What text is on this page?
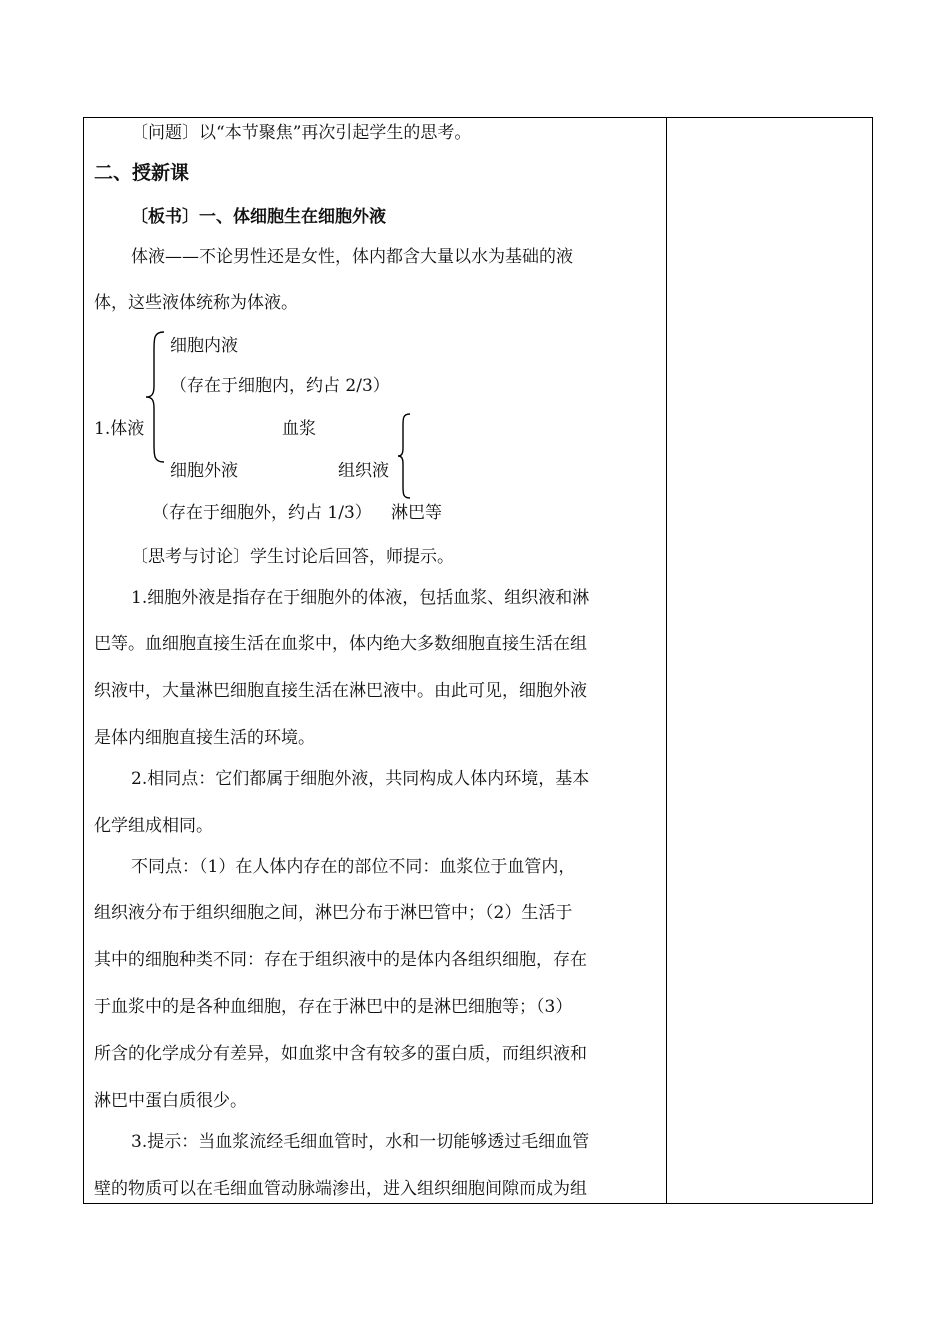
〔问题〕以“本节聚焦”再次引起学生的思考。
二、授新课
〔板书〕一、体细胞生在细胞外液
体液——不论男性还是女性，体内都含大量以水为基础的液
体，这些液体统称为体液。
1.体液
细胞内液
（存在于细胞内，约占 2/3）
血浆
细胞外液	组织液
（存在于细胞外，约占 1/3） 淋巴等
〔思考与讨论〕学生讨论后回答，师提示。
1.细胞外液是指存在于细胞外的体液，包括血浆、组织液和淋
巴等。血细胞直接生活在血浆中，体内绝大多数细胞直接生活在组
织液中，大量淋巴细胞直接生活在淋巴液中。由此可见，细胞外液
是体内细胞直接生活的环境。
2.相同点：它们都属于细胞外液，共同构成人体内环境，基本
化学组成相同。
不同点：（1）在人体内存在的部位不同：血浆位于血管内，
组织液分布于组织细胞之间，淋巴分布于淋巴管中；（2）生活于
其中的细胞种类不同：存在于组织液中的是体内各组织细胞，存在
于血浆中的是各种血细胞，存在于淋巴中的是淋巴细胞等；（3）
所含的化学成分有差异，如血浆中含有较多的蛋白质，而组织液和
淋巴中蛋白质很少。
3.提示：当血浆流经毛细血管时，水和一切能够透过毛细血管
壁的物质可以在毛细血管动脉端渗出，进入组织细胞间隙而成为组
